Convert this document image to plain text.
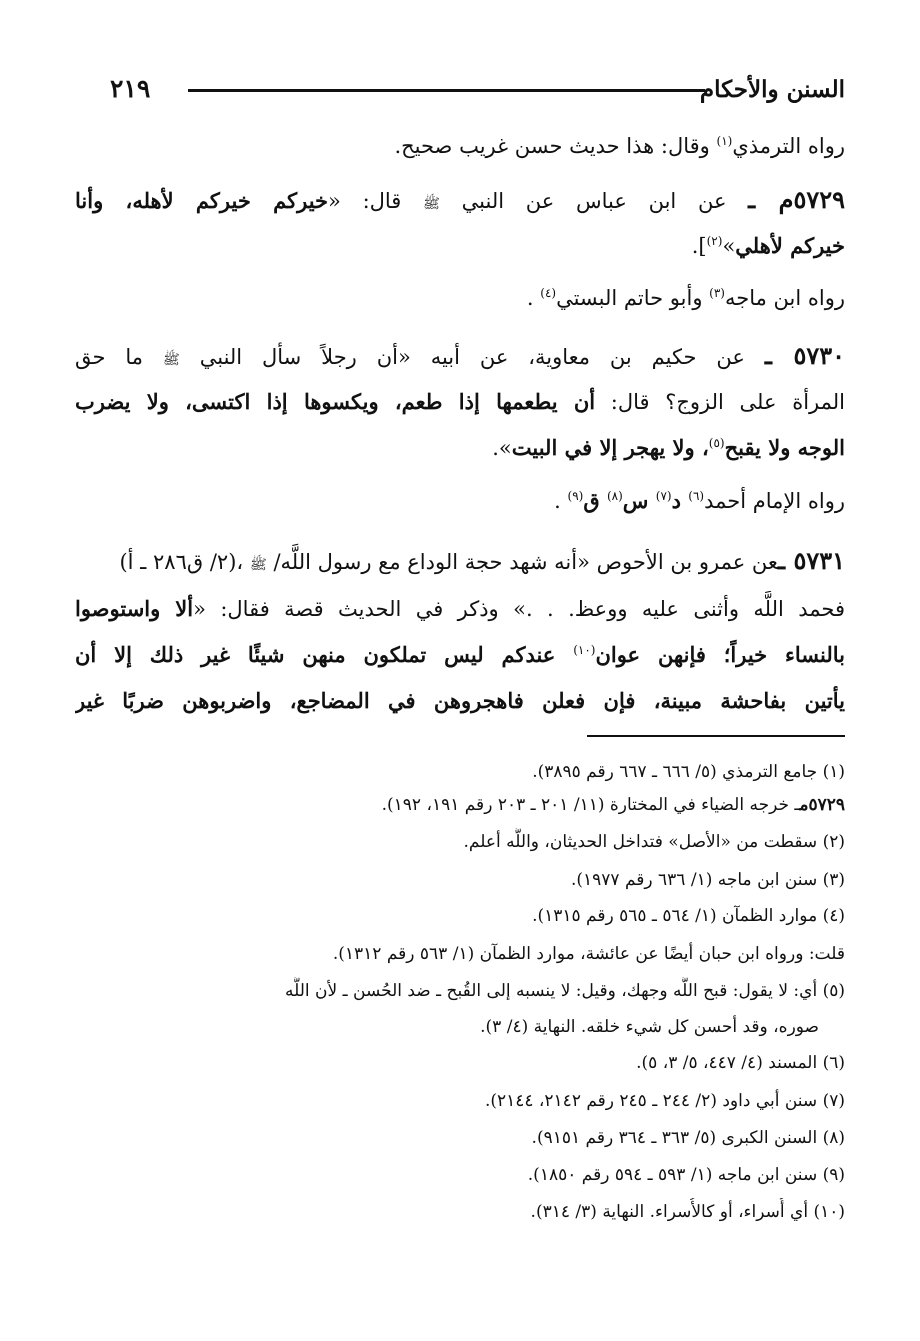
السنن والأحكام
٢١٩
رواه الترمذي$^{(١)}$ وقال: هذا حديث حسن غريب صحيح.
٥٧٢٩م ـ عن ابن عباس عن النبي ﷺ قال: «خيركم خيركم لأهله، وأنا
خيركم لأهلي»$^{(٢)}$].
رواه ابن ماجه$^{(٣)}$ وأبو حاتم البستي$^{(٤)}$ .
٥٧٣٠ ـ عن حكيم بن معاوية، عن أبيه «أن رجلاً سأل النبي ﷺ ما حق
المرأة على الزوج؟ قال: أن يطعمها إذا طعم، ويكسوها إذا اكتسى، ولا يضرب
الوجه ولا يقبح$^{(٥)}$، ولا يهجر إلا في البيت».
رواه الإمام أحمد$^{(٦)}$ د$^{(٧)}$ س$^{(٨)}$ ق$^{(٩)}$ .
٥٧٣١ ـعن عمرو بن الأحوص «أنه شهد حجة الوداع مع رسول اللَّه/ ﷺ ،(٢/ ق٢٨٦ ـ أ)
فحمد اللَّه وأثنى عليه ووعظ. . .» وذكر في الحديث قصة فقال: «ألا واستوصوا
بالنساء خيراً؛ فإنهن عوان$^{(١٠)}$ عندكم ليس تملكون منهن شيئًا غير ذلك إلا أن
يأتين بفاحشة مبينة، فإن فعلن فاهجروهن في المضاجع، واضربوهن ضربًا غير
(١) جامع الترمذي (٥/ ٦٦٦ ـ ٦٦٧ رقم ٣٨٩٥).
٥٧٢٩مـ خرجه الضياء في المختارة (١١/ ٢٠١ ـ ٢٠٣ رقم ١٩١، ١٩٢).
(٢) سقطت من «الأصل» فتداخل الحديثان، واللَّه أعلم.
(٣) سنن ابن ماجه (١/ ٦٣٦ رقم ١٩٧٧).
(٤) موارد الظمآن (١/ ٥٦٤ ـ ٥٦٥ رقم ١٣١٥).
قلت: ورواه ابن حبان أيضًا عن عائشة، موارد الظمآن (١/ ٥٦٣ رقم ١٣١٢).
(٥) أي: لا يقول: قبح اللَّه وجهك، وقيل: لا ينسبه إلى القُبح ـ ضد الحُسن ـ لأن اللَّه
صوره، وقد أحسن كل شيء خلقه. النهاية (٤/ ٣).
(٦) المسند (٤/ ٤٤٧، ٥/ ٣، ٥).
(٧) سنن أبي داود (٢/ ٢٤٤ ـ ٢٤٥ رقم ٢١٤٢، ٢١٤٤).
(٨) السنن الكبرى (٥/ ٣٦٣ ـ ٣٦٤ رقم ٩١٥١).
(٩) سنن ابن ماجه (١/ ٥٩٣ ـ ٥٩٤ رقم ١٨٥٠).
(١٠) أي أُسراء، أو كالأُسراء. النهاية (٣/ ٣١٤).
